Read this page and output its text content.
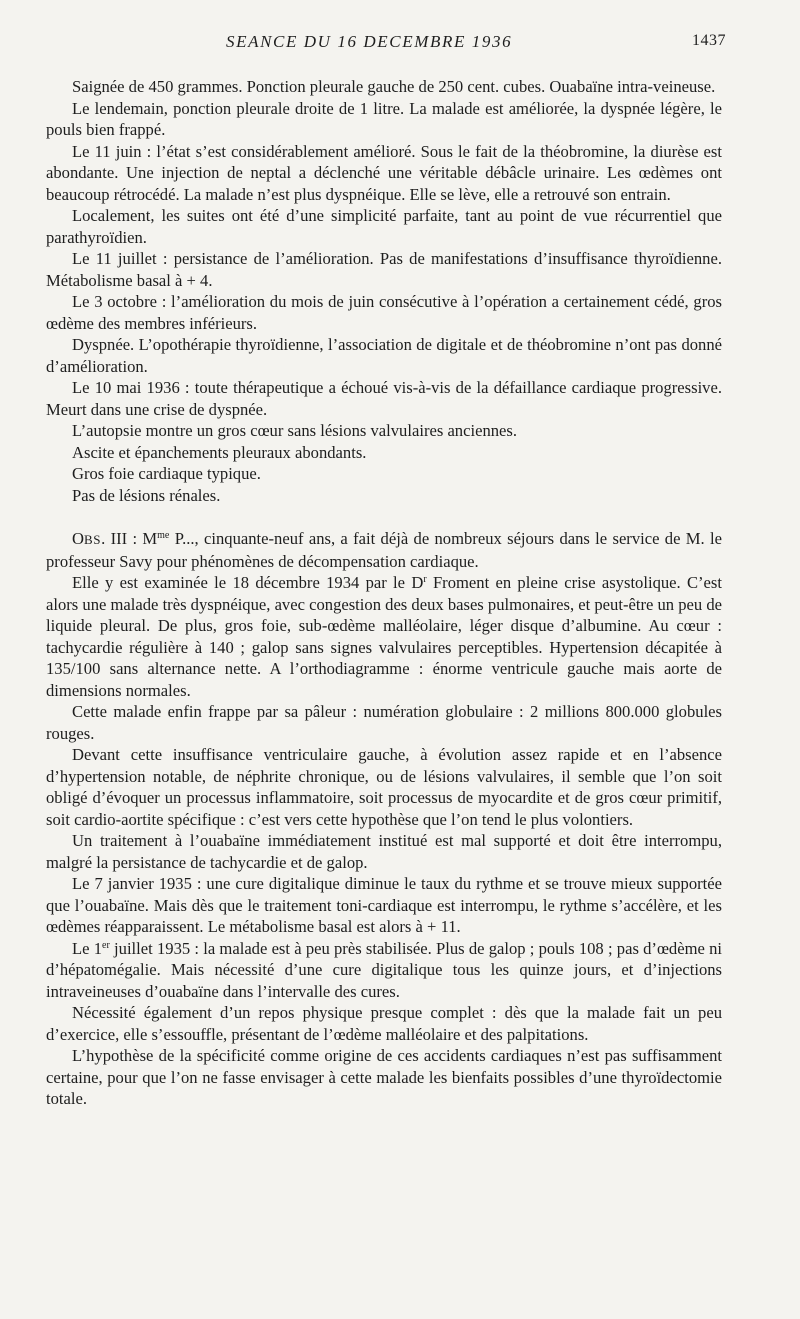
SEANCE DU 16 DECEMBRE 1936	1437

Saignée de 450 grammes. Ponction pleurale gauche de 250 cent. cubes. Ouabaïne intra-veineuse.

Le lendemain, ponction pleurale droite de 1 litre. La malade est améliorée, la dyspnée légère, le pouls bien frappé.

Le 11 juin : l’état s’est considérablement amélioré. Sous le fait de la théobromine, la diurèse est abondante. Une injection de neptal a déclenché une véritable débâcle urinaire. Les œdèmes ont beaucoup rétrocédé. La malade n’est plus dyspnéique. Elle se lève, elle a retrouvé son entrain.

Localement, les suites ont été d’une simplicité parfaite, tant au point de vue récurrentiel que parathyroïdien.

Le 11 juillet : persistance de l’amélioration. Pas de manifestations d’insuffisance thyroïdienne. Métabolisme basal à + 4.

Le 3 octobre : l’amélioration du mois de juin consécutive à l’opération a certainement cédé, gros œdème des membres inférieurs.

Dyspnée. L’opothérapie thyroïdienne, l’association de digitale et de théobromine n’ont pas donné d’amélioration.

Le 10 mai 1936 : toute thérapeutique a échoué vis-à-vis de la défaillance cardiaque progressive. Meurt dans une crise de dyspnée.

L’autopsie montre un gros cœur sans lésions valvulaires anciennes.

Ascite et épanchements pleuraux abondants.

Gros foie cardiaque typique.

Pas de lésions rénales.

OBS. III : $M^{me}$ P..., cinquante-neuf ans, a fait déjà de nombreux séjours dans le service de M. le professeur Savy pour phénomènes de décompensation cardiaque.

Elle y est examinée le 18 décembre 1934 par le $D^r$ Froment en pleine crise asystolique. C’est alors une malade très dyspnéique, avec congestion des deux bases pulmonaires, et peut-être un peu de liquide pleural. De plus, gros foie, sub-œdème malléolaire, léger disque d’albumine. Au cœur : tachycardie régulière à 140 ; galop sans signes valvulaires perceptibles. Hypertension décapitée à 135/100 sans alternance nette. A l’orthodiagramme : énorme ventricule gauche mais aorte de dimensions normales.

Cette malade enfin frappe par sa pâleur : numération globulaire : 2 millions 800.000 globules rouges.

Devant cette insuffisance ventriculaire gauche, à évolution assez rapide et en l’absence d’hypertension notable, de néphrite chronique, ou de lésions valvulaires, il semble que l’on soit obligé d’évoquer un processus inflammatoire, soit processus de myocardite et de gros cœur primitif, soit cardio-aortite spécifique : c’est vers cette hypothèse que l’on tend le plus volontiers.

Un traitement à l’ouabaïne immédiatement institué est mal supporté et doit être interrompu, malgré la persistance de tachycardie et de galop.

Le 7 janvier 1935 : une cure digitalique diminue le taux du rythme et se trouve mieux supportée que l’ouabaïne. Mais dès que le traitement toni-cardiaque est interrompu, le rythme s’accélère, et les œdèmes réapparaissent. Le métabolisme basal est alors à + 11.

Le 1er juillet 1935 : la malade est à peu près stabilisée. Plus de galop ; pouls 108 ; pas d’œdème ni d’hépatomégalie. Mais nécessité d’une cure digitalique tous les quinze jours, et d’injections intraveineuses d’ouabaïne dans l’intervalle des cures.

Nécessité également d’un repos physique presque complet : dès que la malade fait un peu d’exercice, elle s’essouffle, présentant de l’œdème malléolaire et des palpitations.

L’hypothèse de la spécificité comme origine de ces accidents cardiaques n’est pas suffisamment certaine, pour que l’on ne fasse envisager à cette malade les bienfaits possibles d’une thyroïdectomie totale.
